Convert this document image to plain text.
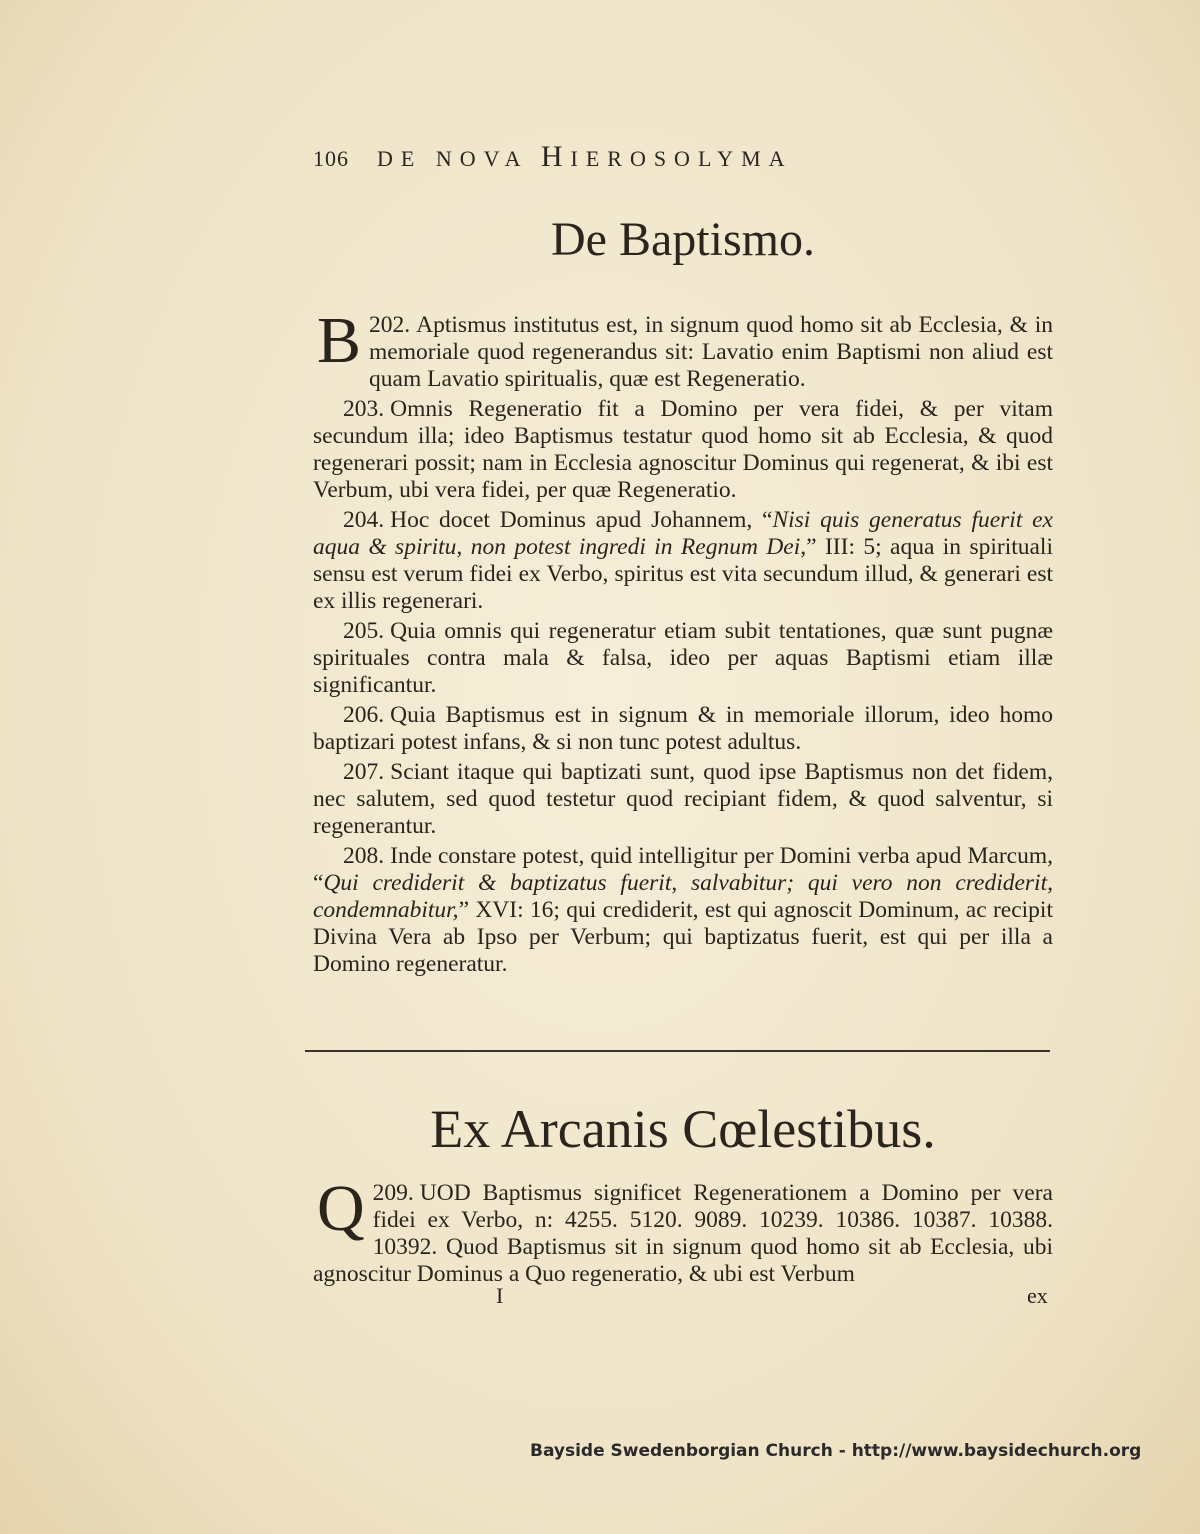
106 DE NOVA HIEROSOLYMA
De Baptismo.

202.
B Aptismus institutus est, in signum quod homo sit ab Ecclesia, & in memoriale quod regenerandus sit: Lavatio enim Baptismi non aliud est quam Lavatio spiritualis, quæ est Regeneratio.

203. Omnis Regeneratio fit a Domino per vera fidei, & per vitam secundum illa; ideo Baptismus testatur quod homo sit ab Ecclesia, & quod regenerari possit; nam in Ecclesia agnoscitur Dominus qui regenerat, & ibi est Verbum, ubi vera fidei, per quæ Regeneratio.

204. Hoc docet Dominus apud Johannem, “Nisi quis generatus fuerit ex aqua & spiritu, non potest ingredi in Regnum Dei,” III: 5; aqua in spirituali sensu est verum fidei ex Verbo, spiritus est vita secundum illud, & generari est ex illis regenerari.

205. Quia omnis qui regeneratur etiam subit tentationes, quæ sunt pugnæ spirituales contra mala & falsa, ideo per aquas Baptismi etiam illæ significantur.

206. Quia Baptismus est in signum & in memoriale illorum, ideo homo baptizari potest infans, & si non tunc potest adultus.

207. Sciant itaque qui baptizati sunt, quod ipse Baptismus non det fidem, nec salutem, sed quod testetur quod recipiant fidem, & quod salventur, si regenerantur.

208. Inde constare potest, quid intelligitur per Domini verba apud Marcum, “Qui crediderit & baptizatus fuerit, salvabitur; qui vero non crediderit, condemnabitur,” XVI: 16; qui crediderit, est qui agnoscit Dominum, ac recipit Divina Vera ab Ipso per Verbum; qui baptizatus fuerit, est qui per illa a Domino regeneratur.

Ex Arcanis Cœlestibus.

209.
Q UOD Baptismus significet Regenerationem a Domino per vera fidei ex Verbo, n: 4255. 5120. 9089. 10239. 10386. 10387. 10388. 10392. Quod Baptismus sit in signum quod homo sit ab Ecclesia, ubi agnoscitur Dominus a Quo regeneratio, & ubi est Verbum

I	ex
Bayside Swedenborgian Church - http://www.baysidechurch.org
